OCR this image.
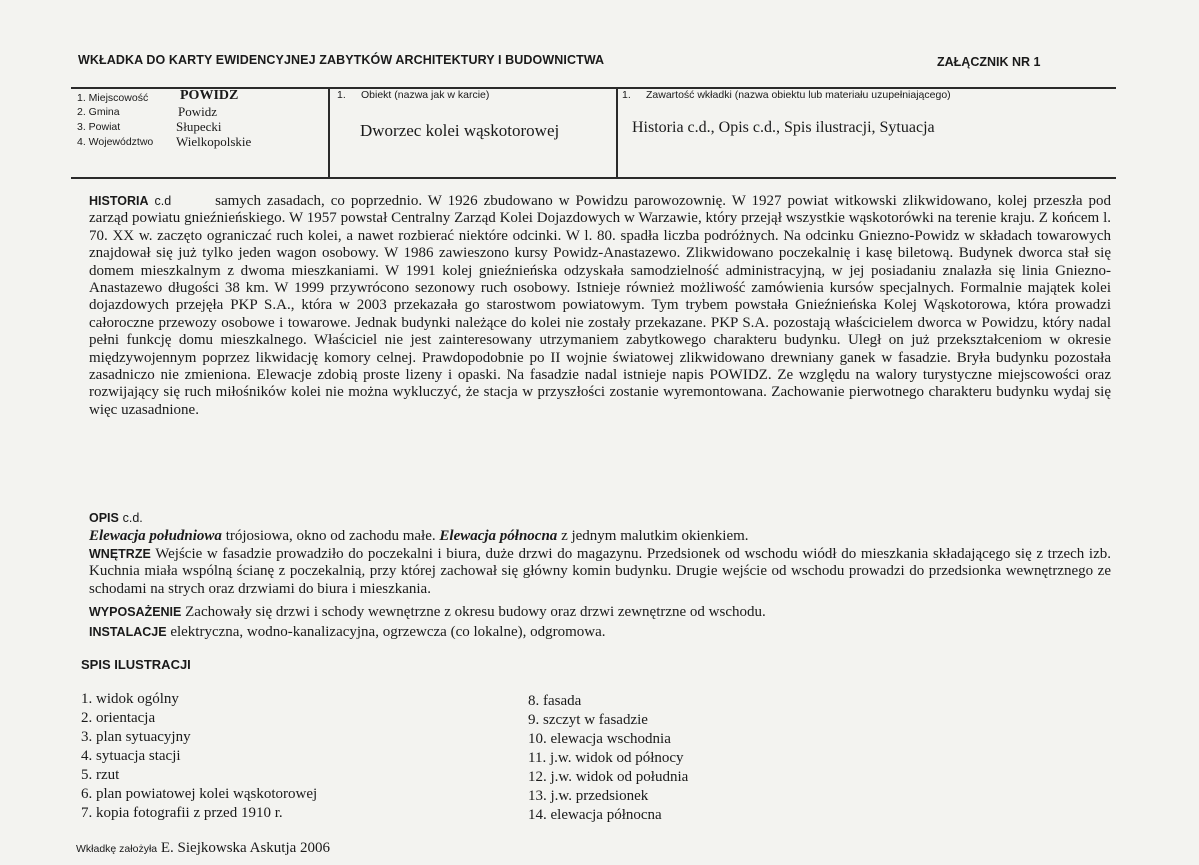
WKŁADKA DO KARTY EWIDENCYJNEJ ZABYTKÓW ARCHITEKTURY I BUDOWNICTWA	ZAŁĄCZNIK NR 1
1. Miejscowość
2. Gmina
3. Powiat
4. Województwo
POWIDZ
Powidz
Słupecki
Wielkopolskie
1. Obiekt (nazwa jak w karcie)
Dworzec kolei wąskotorowej
1. Zawartość wkładki (nazwa obiektu lub materiału uzupełniającego)
Historia c.d., Opis c.d., Spis ilustracji, Sytuacja
HISTORIA c.d	samych zasadach, co poprzednio. W 1926 zbudowano w Powidzu parowozownię. W 1927 powiat witkowski zlikwidowano, kolej przeszła pod zarząd powiatu gnieźnieńskiego. W 1957 powstał Centralny Zarząd Kolei Dojazdowych w Warzawie, który przejął wszystkie wąskotorówki na terenie kraju. Z końcem l. 70. XX w. zaczęto ograniczać ruch kolei, a nawet rozbierać niektóre odcinki. W l. 80. spadła liczba podróżnych. Na odcinku Gniezno-Powidz w składach towarowych znajdował się już tylko jeden wagon osobowy. W 1986 zawieszono kursy Powidz-Anastazewo. Zlikwidowano poczekalnię i kasę biletową. Budynek dworca stał się domem mieszkalnym z dwoma mieszkaniami. W 1991 kolej gnieźnieńska odzyskała samodzielność administracyjną, w jej posiadaniu znalazła się linia Gniezno-Anastazewo długości 38 km. W 1999 przywrócono sezonowy ruch osobowy. Istnieje również możliwość zamówienia kursów specjalnych. Formalnie majątek kolei dojazdowych przejęła PKP S.A., która w 2003 przekazała go starostwom powiatowym. Tym trybem powstała Gnieźnieńska Kolej Wąskotorowa, która prowadzi całoroczne przewozy osobowe i towarowe. Jednak budynki należące do kolei nie zostały przekazane. PKP S.A. pozostają właścicielem dworca w Powidzu, który nadal pełni funkcję domu mieszkalnego. Właściciel nie jest zainteresowany utrzymaniem zabytkowego charakteru budynku. Uległ on już przekształceniom w okresie międzywojennym poprzez likwidację komory celnej. Prawdopodobnie po II wojnie światowej zlikwidowano drewniany ganek w fasadzie. Bryła budynku pozostała zasadniczo nie zmieniona. Elewacje zdobią proste lizeny i opaski. Na fasadzie nadal istnieje napis POWIDZ. Ze względu na walory turystyczne miejscowości oraz rozwijający się ruch miłośników kolei nie można wykluczyć, że stacja w przyszłości zostanie wyremontowana. Zachowanie pierwotnego charakteru budynku wydaj się więc uzasadnione.
OPIS c.d.
Elewacja południowa trójosiowa, okno od zachodu małe. Elewacja północna z jednym malutkim okienkiem.
WNĘTRZE Wejście w fasadzie prowadziło do poczekalni i biura, duże drzwi do magazynu. Przedsionek od wschodu wiódł do mieszkania składającego się z trzech izb. Kuchnia miała wspólną ścianę z poczekalnią, przy której zachował się główny komin budynku. Drugie wejście od wschodu prowadzi do przedsionka wewnętrznego ze schodami na strych oraz drzwiami do biura i mieszkania.
WYPOSAŻENIE Zachowały się drzwi i schody wewnętrzne z okresu budowy oraz drzwi zewnętrzne od wschodu.
INSTALACJE elektryczna, wodno-kanalizacyjna, ogrzewcza (co lokalne), odgromowa.
SPIS ILUSTRACJI
1. widok ogólny
2. orientacja
3. plan sytuacyjny
4. sytuacja stacji
5. rzut
6. plan powiatowej kolei wąskotorowej
7. kopia fotografii z przed 1910 r.
8. fasada
9. szczyt w fasadzie
10. elewacja wschodnia
11. j.w. widok od północy
12. j.w. widok od południa
13. j.w. przedsionek
14. elewacja północna
Wkładkę założyła E. Siejkowska Askutja 2006
